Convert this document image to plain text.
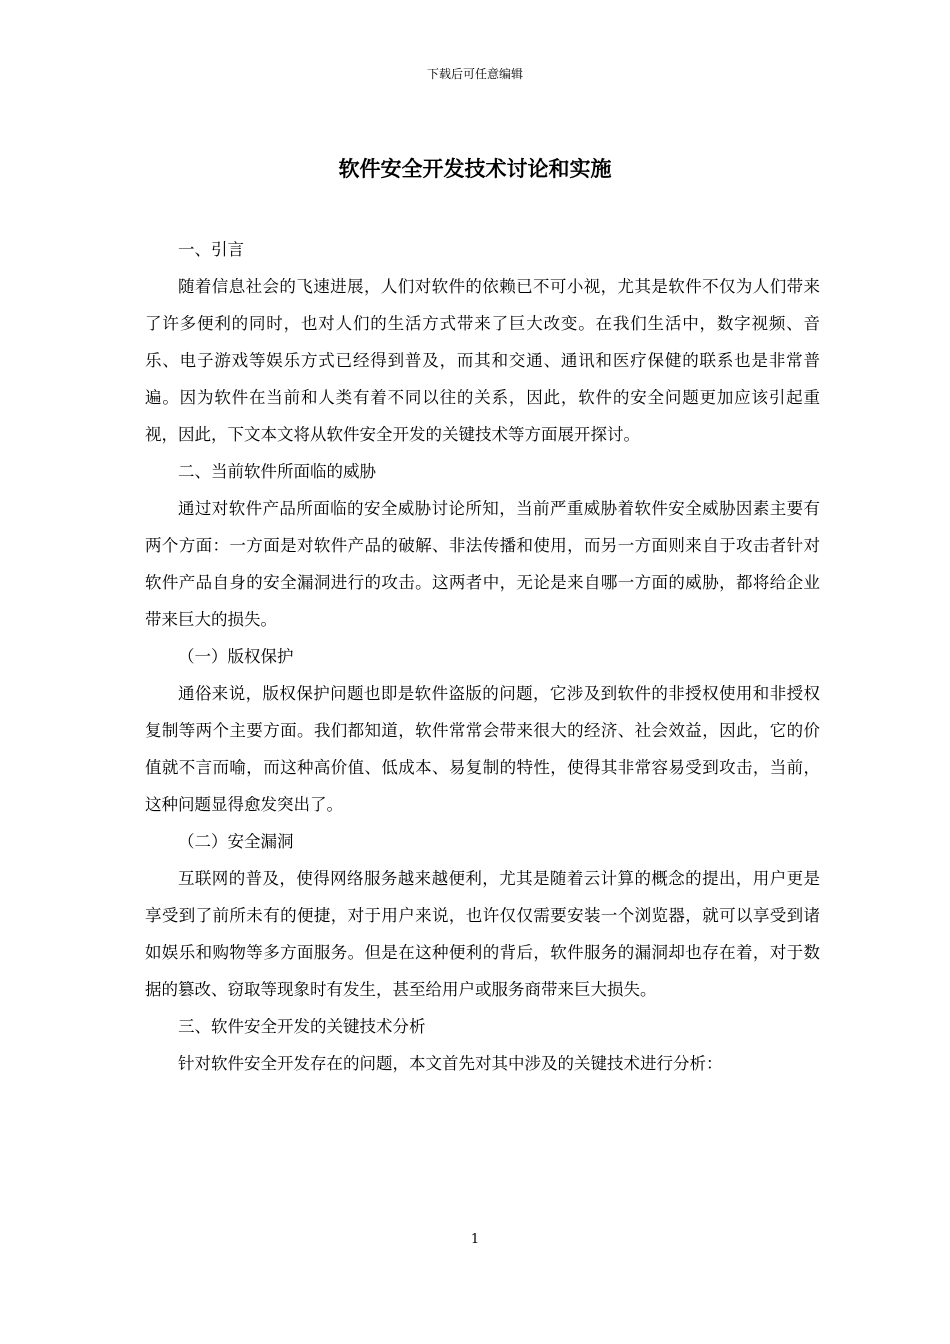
下载后可任意编辑
软件安全开发技术讨论和实施

一、引言

随着信息社会的飞速进展，人们对软件的依赖已不可小视，尤其是软件不仅为人们带来了许多便利的同时，也对人们的生活方式带来了巨大改变。在我们生活中，数字视频、音乐、电子游戏等娱乐方式已经得到普及，而其和交通、通讯和医疗保健的联系也是非常普遍。因为软件在当前和人类有着不同以往的关系，因此，软件的安全问题更加应该引起重视，因此，下文本文将从软件安全开发的关键技术等方面展开探讨。

二、当前软件所面临的威胁

通过对软件产品所面临的安全威胁讨论所知，当前严重威胁着软件安全威胁因素主要有两个方面：一方面是对软件产品的破解、非法传播和使用，而另一方面则来自于攻击者针对软件产品自身的安全漏洞进行的攻击。这两者中，无论是来自哪一方面的威胁，都将给企业带来巨大的损失。

（一）版权保护

通俗来说，版权保护问题也即是软件盗版的问题，它涉及到软件的非授权使用和非授权复制等两个主要方面。我们都知道，软件常常会带来很大的经济、社会效益，因此，它的价值就不言而喻，而这种高价值、低成本、易复制的特性，使得其非常容易受到攻击，当前，这种问题显得愈发突出了。

（二）安全漏洞

互联网的普及，使得网络服务越来越便利，尤其是随着云计算的概念的提出，用户更是享受到了前所未有的便捷，对于用户来说，也许仅仅需要安装一个浏览器，就可以享受到诸如娱乐和购物等多方面服务。但是在这种便利的背后，软件服务的漏洞却也存在着，对于数据的篡改、窃取等现象时有发生，甚至给用户或服务商带来巨大损失。

三、软件安全开发的关键技术分析

针对软件安全开发存在的问题，本文首先对其中涉及的关键技术进行分析：

1
